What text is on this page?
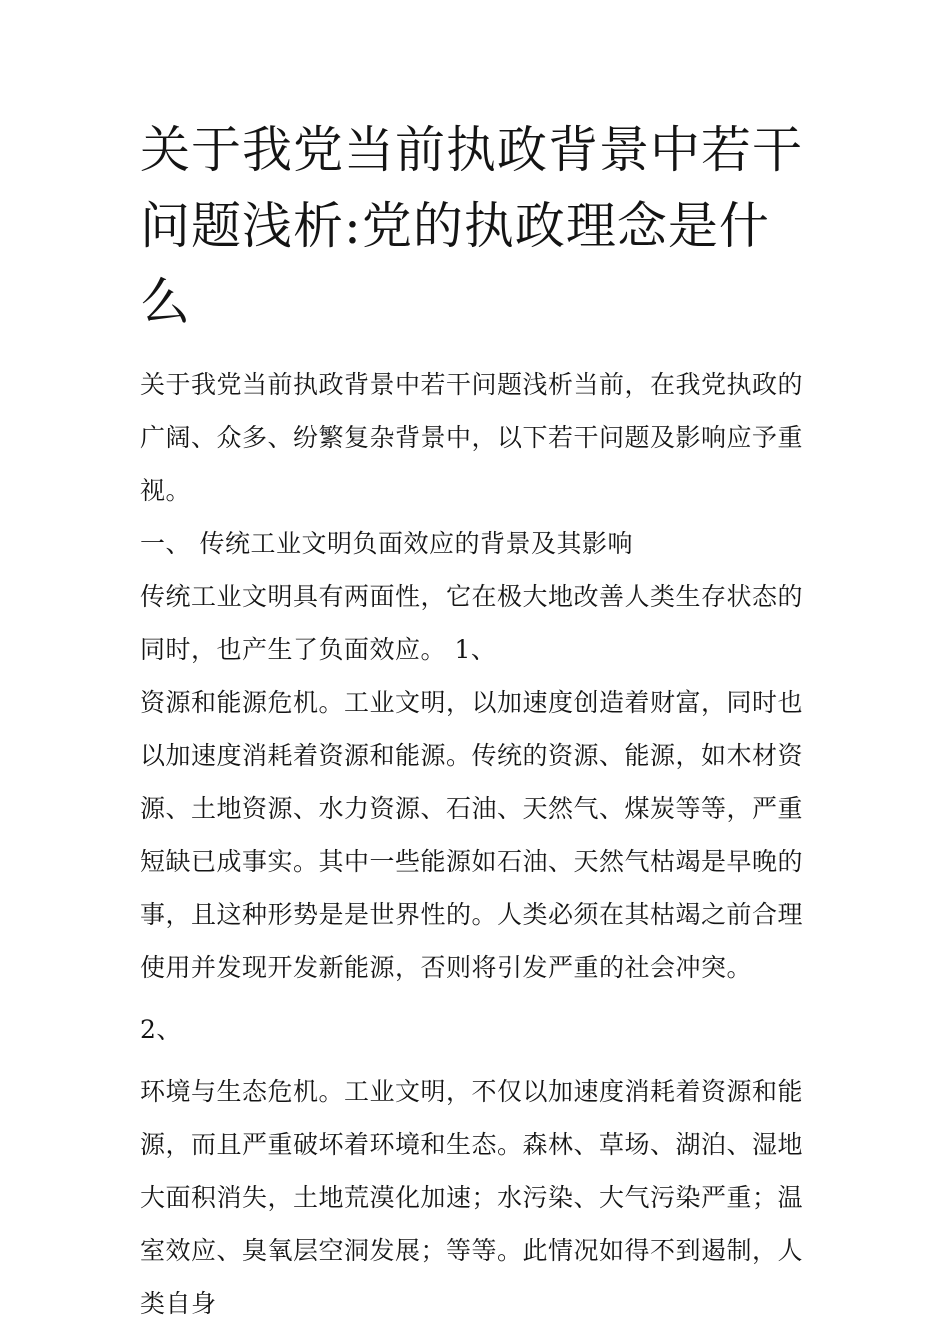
关于我党当前执政背景中若干
问题浅析:党的执政理念是什么

关于我党当前执政背景中若干问题浅析当前，在我党执政的广阔、众多、纷繁复杂背景中，以下若干问题及影响应予重视。

一、 传统工业文明负面效应的背景及其影响

传统工业文明具有两面性，它在极大地改善人类生存状态的同时，也产生了负面效应。 1、

资源和能源危机。工业文明，以加速度创造着财富，同时也以加速度消耗着资源和能源。传统的资源、能源，如木材资源、土地资源、水力资源、石油、天然气、煤炭等等，严重短缺已成事实。其中一些能源如石油、天然气枯竭是早晚的事，且这种形势是是世界性的。人类必须在其枯竭之前合理使用并发现开发新能源，否则将引发严重的社会冲突。

2、

环境与生态危机。工业文明，不仅以加速度消耗着资源和能源，而且严重破坏着环境和生态。森林、草场、湖泊、湿地大面积消失，土地荒漠化加速；水污染、大气污染严重；温室效应、臭氧层空洞发展；等等。此情况如得不到遏制，人类自身
